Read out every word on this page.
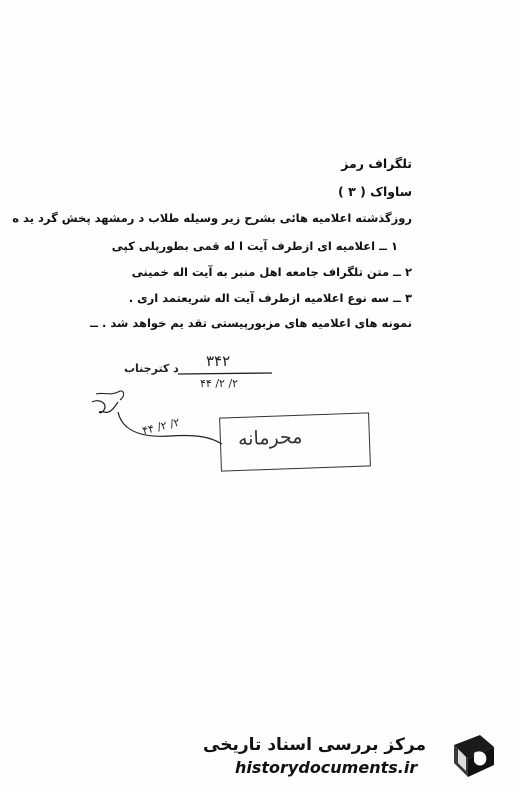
تلگراف رمز
ساواک ( ۳ )
روزگذشته اعلامیه هائی بشرح زیر وسیله طلاب د رمشهد پخش گرد ید ه
۱ ــ اعلامیه ای ازطرف آیت ا له قمی بطورپلی کپی
۲ ــ متن تلگراف جامعه اهل منبر به آیت اله خمینی
۳ ــ سه نوع اعلامیه ازطرف آیت اله شریعتمد اری .
نمونه های اعلامیه های مزبورپیستی تقد یم خواهد شد . ــ
د کترجناب ۳۴۲
۲/ ۲/ ۴۴
۲/ ۲/ ۴۴
محرمانه
مرکز بررسی اسناد تاریخی
historydocuments.ir
